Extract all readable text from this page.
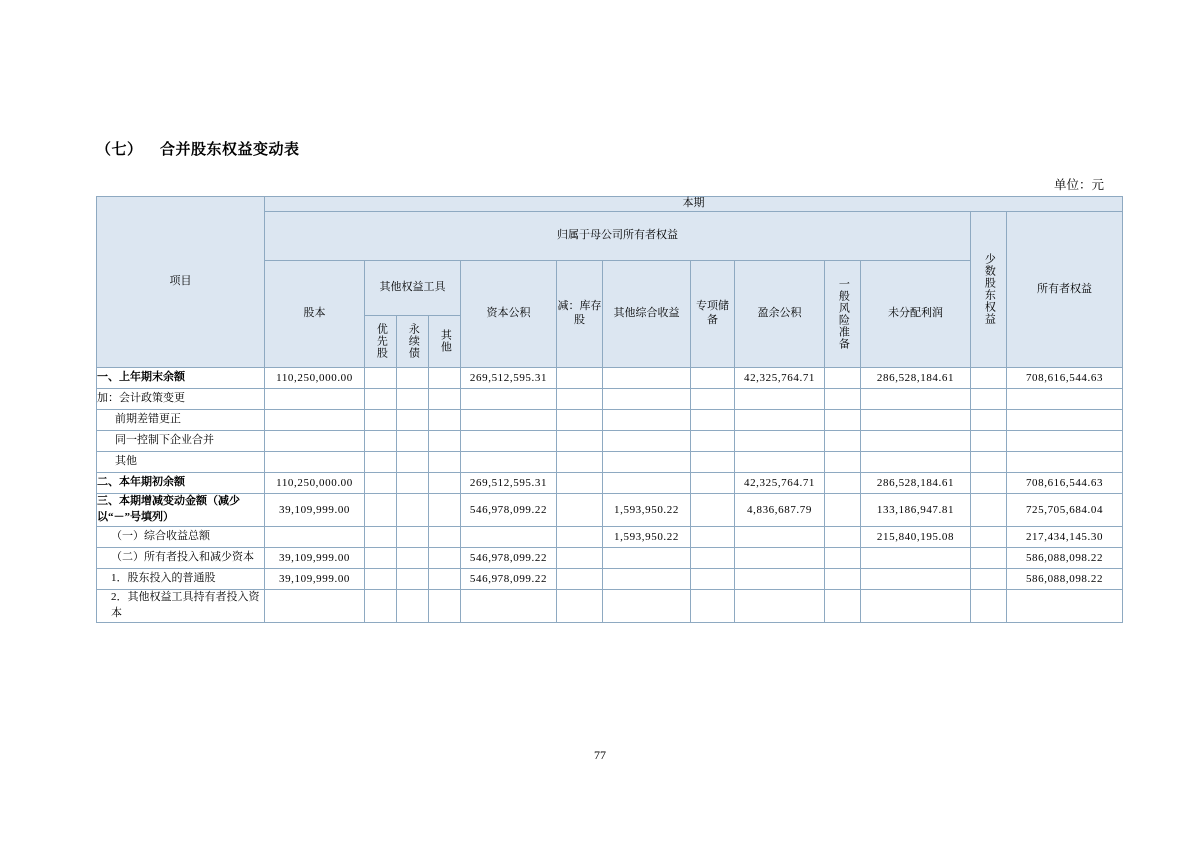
（七） 合并股东权益变动表
单位：元
项目	本期												
	归属于母公司所有者权益											少数股东权益	所有者权益
	股本	其他权益工具			资本公积	减：库存股	其他综合收益	专项储备	盈余公积	一般风险准备	未分配利润		
		优先股	永续债	其他									
一、上年期末余额	110,250,000.00				269,512,595.31				42,325,764.71		286,528,184.61		708,616,544.63
加：会计政策变更													
前期差错更正													
同一控制下企业合并													
其他													
二、本年期初余额	110,250,000.00				269,512,595.31				42,325,764.71		286,528,184.61		708,616,544.63
三、本期增减变动金额（减少以“－”号填列）	39,109,999.00				546,978,099.22		1,593,950.22		4,836,687.79		133,186,947.81		725,705,684.04
（一）综合收益总额							1,593,950.22				215,840,195.08		217,434,145.30
（二）所有者投入和减少资本	39,109,999.00				546,978,099.22								586,088,098.22
1．股东投入的普通股	39,109,999.00				546,978,099.22								586,088,098.22
2．其他权益工具持有者投入资本													
77
